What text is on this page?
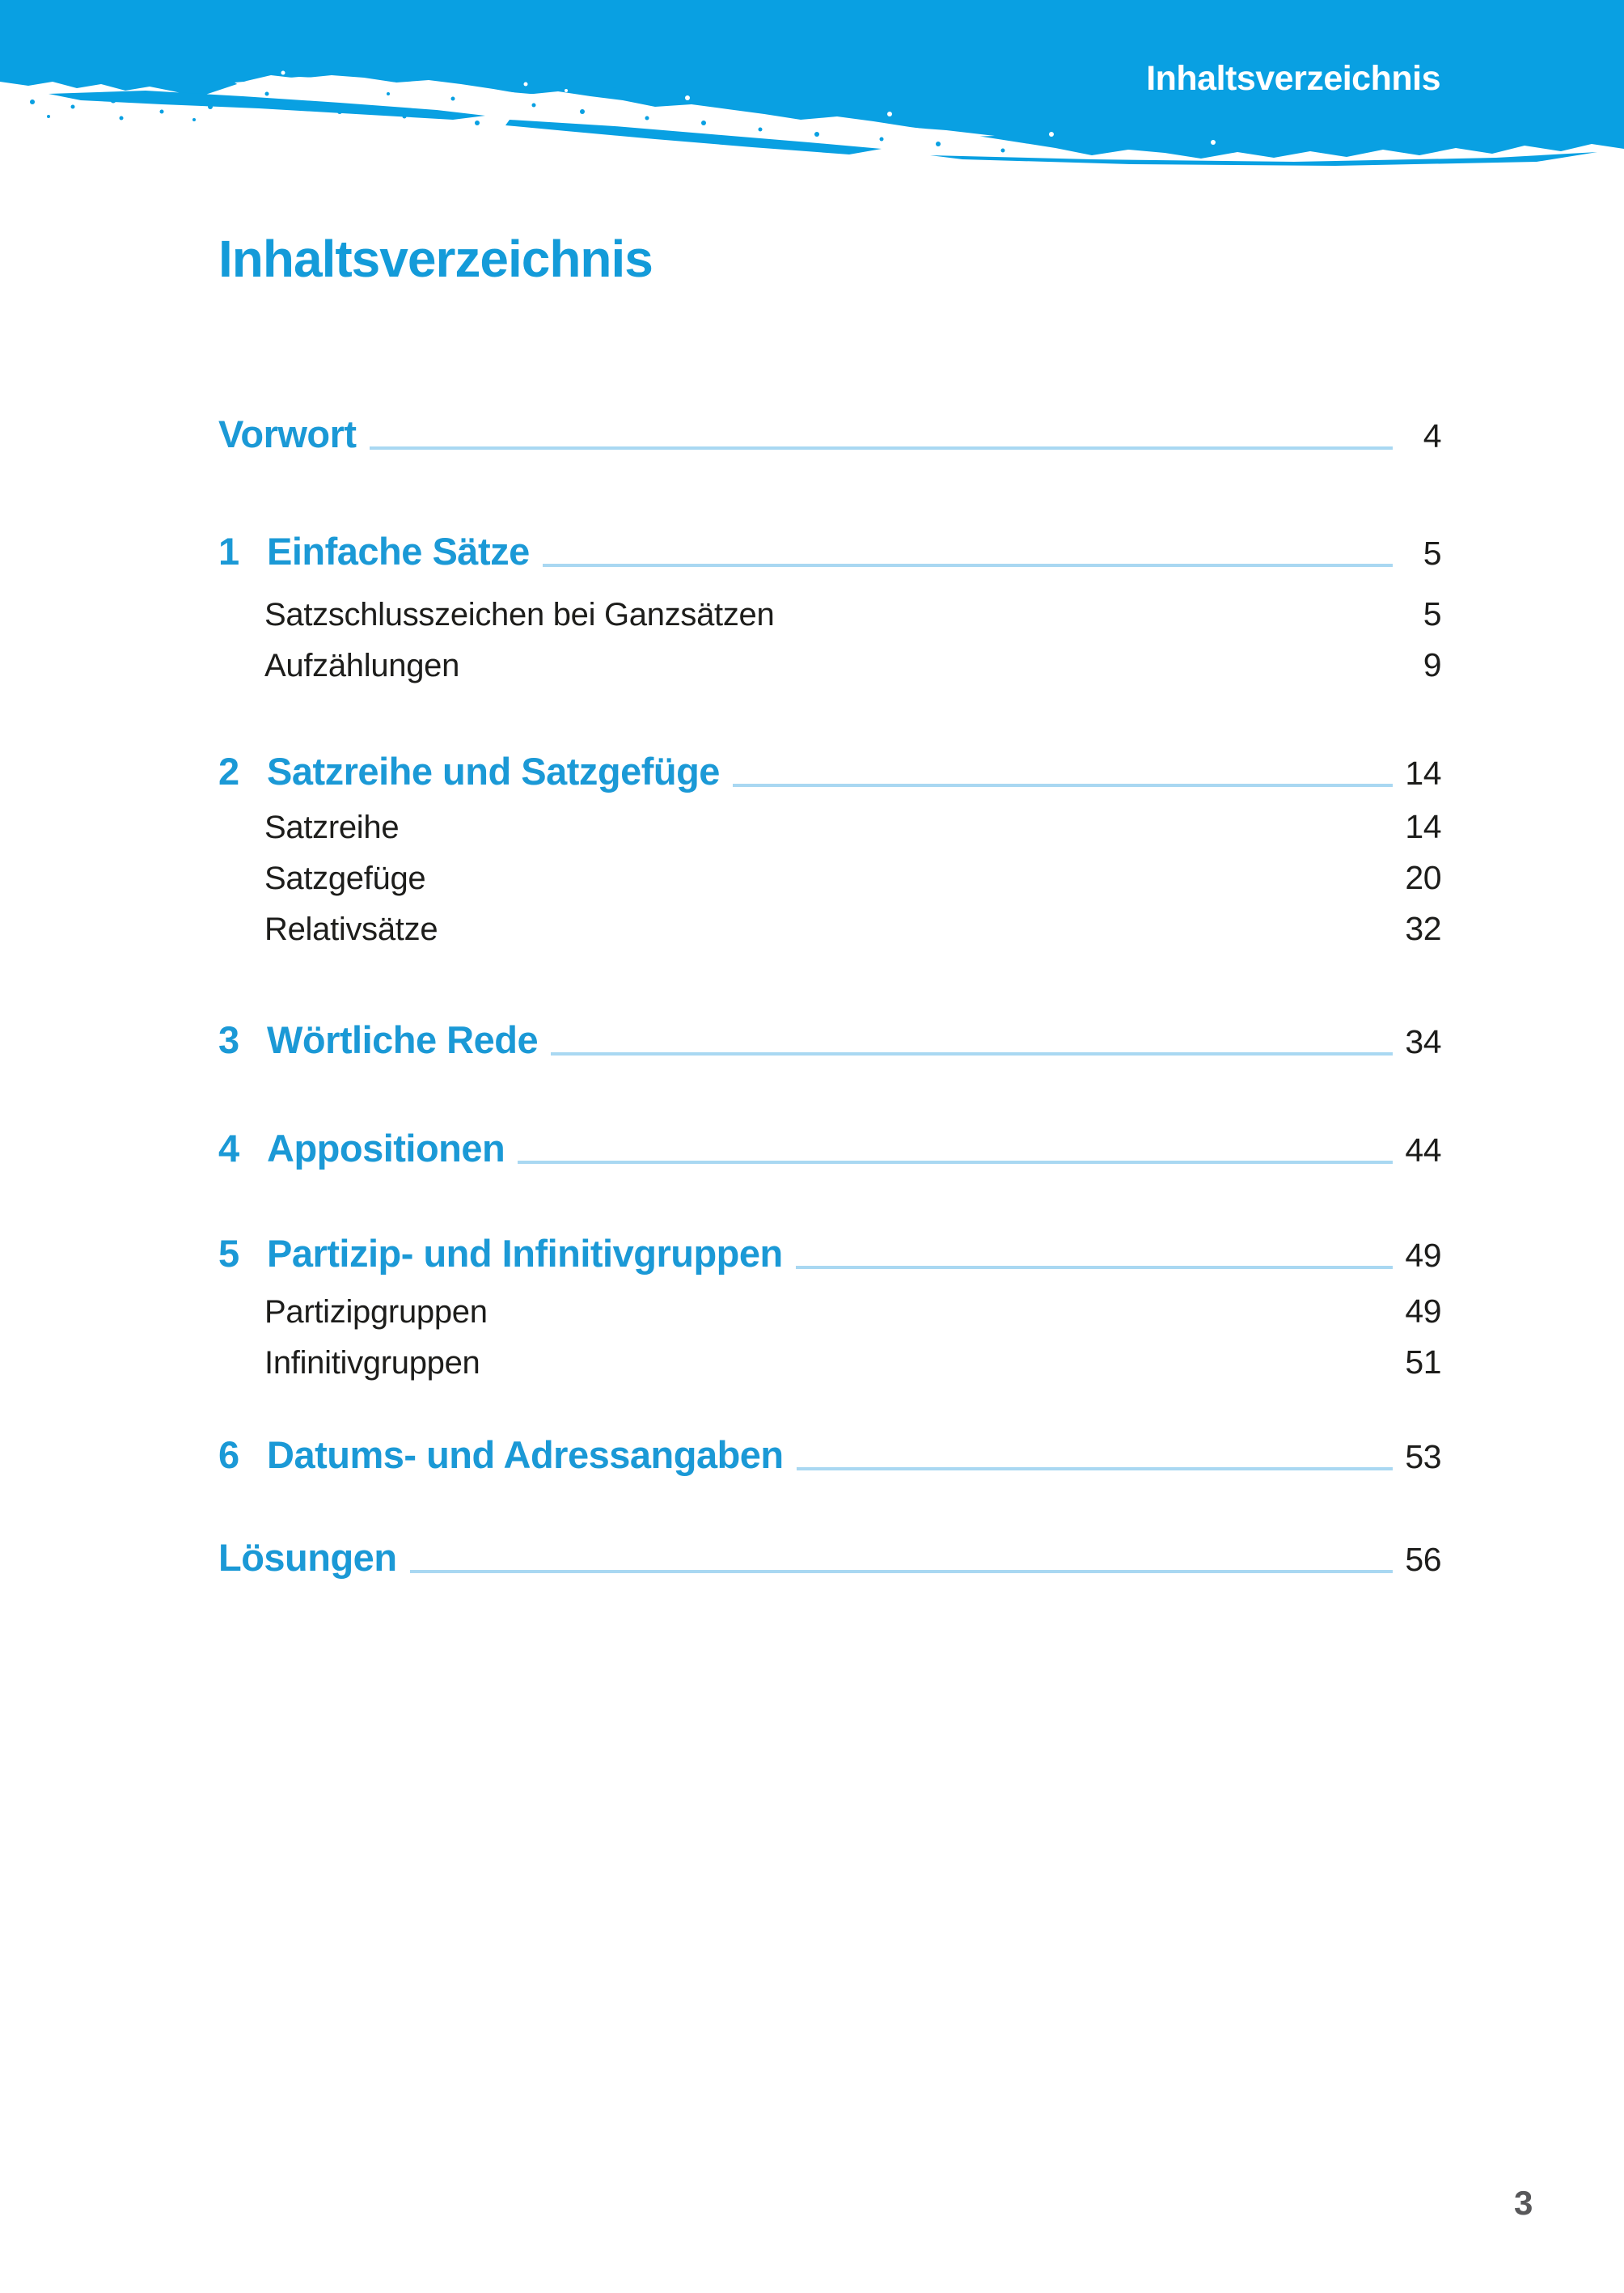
Inhaltsverzeichnis
Inhaltsverzeichnis
Vorwort	4
1 Einfache Sätze	5
Satzschlusszeichen bei Ganzsätzen	5
Aufzählungen	9
2 Satzreihe und Satzgefüge	14
Satzreihe	14
Satzgefüge	20
Relativsätze	32
3 Wörtliche Rede	34
4 Appositionen	44
5 Partizip- und Infinitivgruppen	49
Partizipgruppen	49
Infinitivgruppen	51
6 Datums- und Adressangaben	53
Lösungen	56
3
